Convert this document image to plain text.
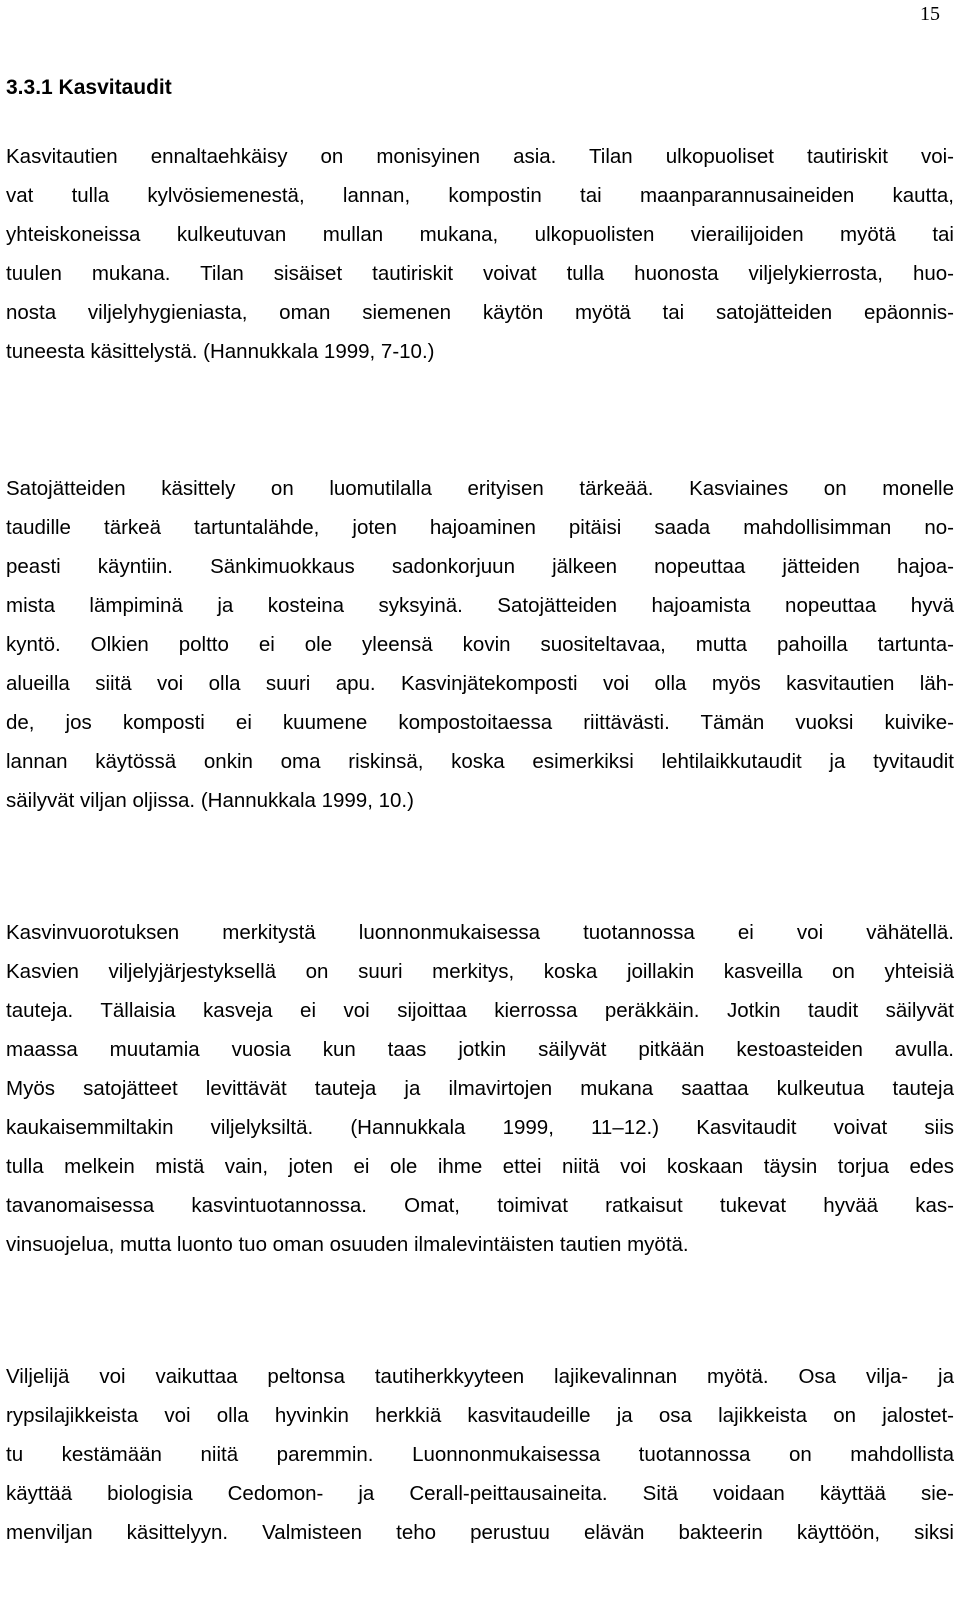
15
3.3.1 Kasvitaudit
Kasvitautien ennaltaehkäisy on monisyinen asia. Tilan ulkopuoliset tautiriskit voi-
vat tulla kylvösiemenestä, lannan, kompostin tai maanparannusaineiden kautta,
yhteiskoneissa kulkeutuvan mullan mukana, ulkopuolisten vierailijoiden myötä tai
tuulen mukana. Tilan sisäiset tautiriskit voivat tulla huonosta viljelykierrosta, huo-
nosta viljelyhygieniasta, oman siemenen käytön myötä tai satojätteiden epäonnis-
tuneesta käsittelystä. (Hannukkala 1999, 7-10.)
Satojätteiden käsittely on luomutilalla erityisen tärkeää. Kasviaines on monelle
taudille tärkeä tartuntalähde, joten hajoaminen pitäisi saada mahdollisimman no-
peasti käyntiin. Sänkimuokkaus sadonkorjuun jälkeen nopeuttaa jätteiden hajoa-
mista lämpiminä ja kosteina syksyinä. Satojätteiden hajoamista nopeuttaa hyvä
kyntö. Olkien poltto ei ole yleensä kovin suositeltavaa, mutta pahoilla tartunta-
alueilla siitä voi olla suuri apu. Kasvinjätekomposti voi olla myös kasvitautien läh-
de, jos komposti ei kuumene kompostoitaessa riittävästi. Tämän vuoksi kuivike-
lannan käytössä onkin oma riskinsä, koska esimerkiksi lehtilaikkutaudit ja tyvitaudit
säilyvät viljan oljissa. (Hannukkala 1999, 10.)
Kasvinvuorotuksen merkitystä luonnonmukaisessa tuotannossa ei voi vähätellä.
Kasvien viljelyjärjestyksellä on suuri merkitys, koska joillakin kasveilla on yhteisiä
tauteja. Tällaisia kasveja ei voi sijoittaa kierrossa peräkkäin. Jotkin taudit säilyvät
maassa muutamia vuosia kun taas jotkin säilyvät pitkään kestoasteiden avulla.
Myös satojätteet levittävät tauteja ja ilmavirtojen mukana saattaa kulkeutua tauteja
kaukaisemmiltakin viljelyksiltä. (Hannukkala 1999, 11–12.) Kasvitaudit voivat siis
tulla melkein mistä vain, joten ei ole ihme ettei niitä voi koskaan täysin torjua edes
tavanomaisessa kasvintuotannossa. Omat, toimivat ratkaisut tukevat hyvää kas-
vinsuojelua, mutta luonto tuo oman osuuden ilmalevintäisten tautien myötä.
Viljelijä voi vaikuttaa peltonsa tautiherkkyyteen lajikevalinnan myötä. Osa vilja- ja
rypsilajikkeista voi olla hyvinkin herkkiä kasvitaudeille ja osa lajikkeista on jalostet-
tu kestämään niitä paremmin. Luonnonmukaisessa tuotannossa on mahdollista
käyttää biologisia Cedomon- ja Cerall-peittausaineita. Sitä voidaan käyttää sie-
menviljan käsittelyyn. Valmisteen teho perustuu elävän bakteerin käyttöön, siksi
